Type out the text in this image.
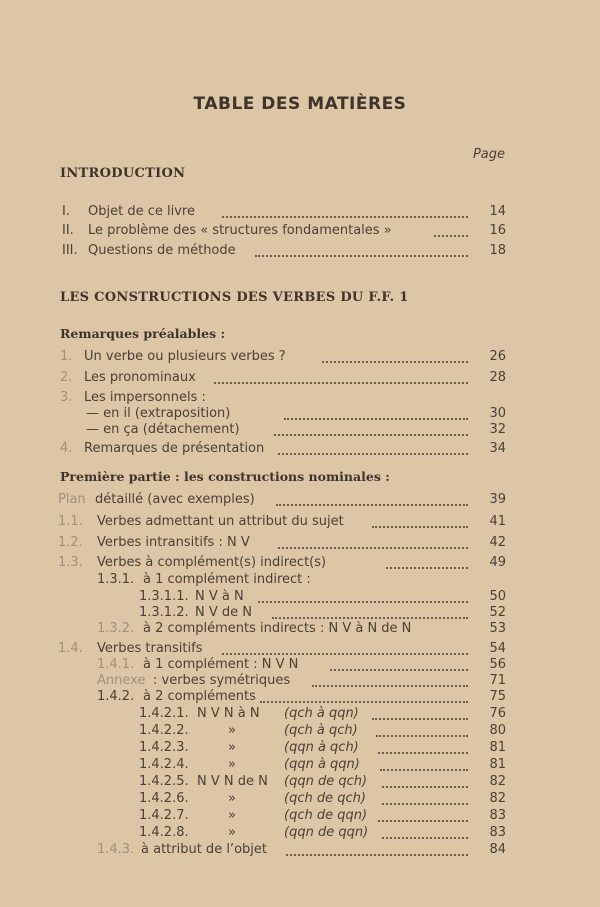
TABLE DES MATIÈRES
Page
INTRODUCTION
I. Objet de ce livre	14
II. Le problème des « structures fondamentales »	16
III. Questions de méthode	18
LES CONSTRUCTIONS DES VERBES DU F.F. 1
Remarques préalables :
1. Un verbe ou plusieurs verbes ?	26
2. Les pronominaux	28
3. Les impersonnels :
— en il (extraposition)	30
— en ça (détachement)	32
4. Remarques de présentation	34
Première partie : les constructions nominales :
Plan détaillé (avec exemples)	39
1.1. Verbes admettant un attribut du sujet	41
1.2. Verbes intransitifs : N V	42
1.3. Verbes à complément(s) indirect(s)	49
1.3.1. à 1 complément indirect :
1.3.1.1. N V à N	50
1.3.1.2. N V de N	52
1.3.2. à 2 compléments indirects : N V à N de N	53
1.4. Verbes transitifs	54
1.4.1. à 1 complément : N V N	56
Annexe : verbes symétriques	71
1.4.2. à 2 compléments	75
1.4.2.1. N V N à N (qch à qqn)	76
1.4.2.2.	»	(qch à qch)	80
1.4.2.3.	»	(qqn à qch)	81
1.4.2.4.	»	(qqn à qqn)	81
1.4.2.5. N V N de N (qqn de qch)	82
1.4.2.6.	»	(qch de qch)	82
1.4.2.7.	»	(qch de qqn)	83
1.4.2.8.	»	(qqn de qqn)	83
1.4.3. à attribut de l’objet	84
